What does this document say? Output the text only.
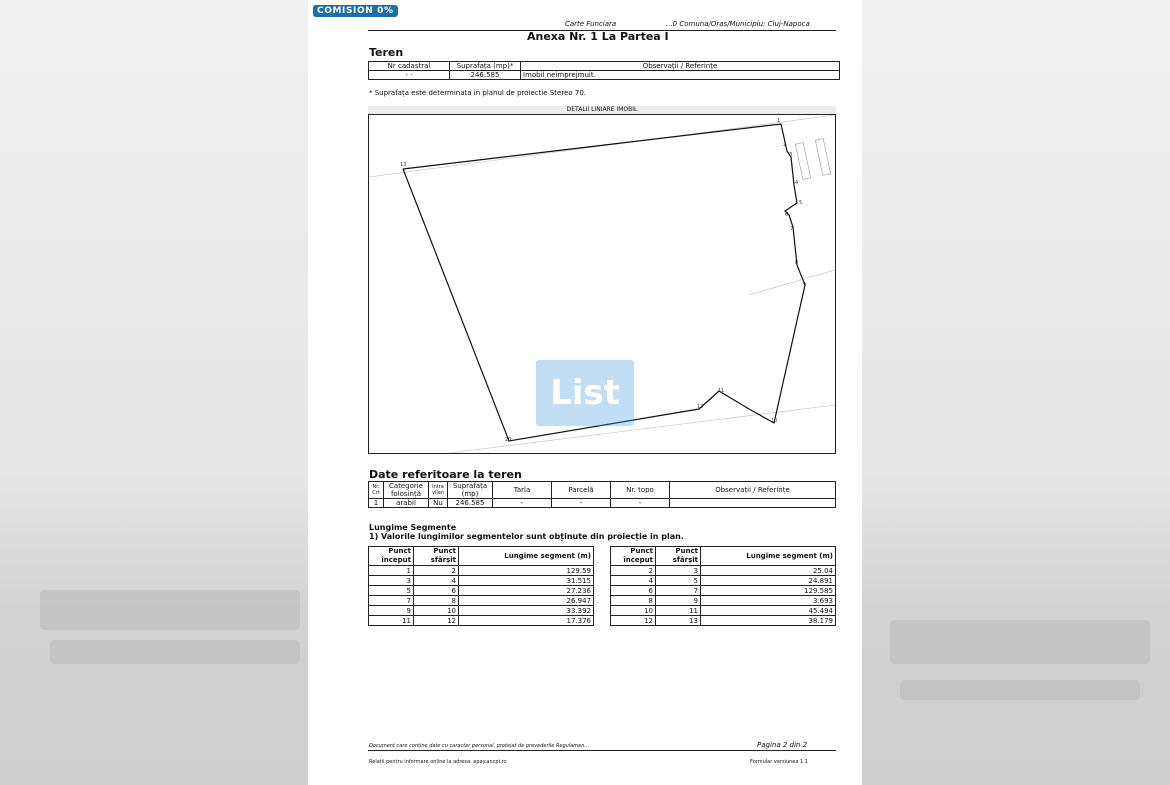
COMISION 0%
Carte Funciara	...0 Comuna/Oras/Municipiu: Cluj-Napoca
Anexa Nr. 1 La Partea I
Teren
Nr cadastral	Suprafața (mp)*	Observații / Referințe
· ·	246.585	Imobil neimprejmuit.
* Suprafața este determinata in planul de proiectie Stereo 70.
DETALII LINIARE IMOBIL
13
1
2
3
4
5
6
7
8
9
10
11
12
20
List
Date referitoare la teren
Nr. Crt	Categorie folosință	Intra vilan	Suprafața (mp)	Tarla	Parcelă	Nr. topo	Observații / Referințe
1	arabil	Nu	246.585	-	-	-	
Lungime Segmente
1) Valorile lungimilor segmentelor sunt obținute din proiecție in plan.
Punct început	Punct sfârșit	Lungime segment (m)
1	2	129.59
3	4	31.515
5	6	27.236
7	8	26.947
9	10	33.392
11	12	17.376
Punct început	Punct sfârșit	Lungime segment (m)
2	3	25.04
4	5	24.891
6	7	129.585
8	9	3.693
10	11	45.494
12	13	38.179
Document care conține date cu caracter personal, protejat de prevederile Regulamen...	Pagina 2 din 2
Relații pentru informare online la adresa: epay.ancpi.ro	Formular versiunea 1.1
